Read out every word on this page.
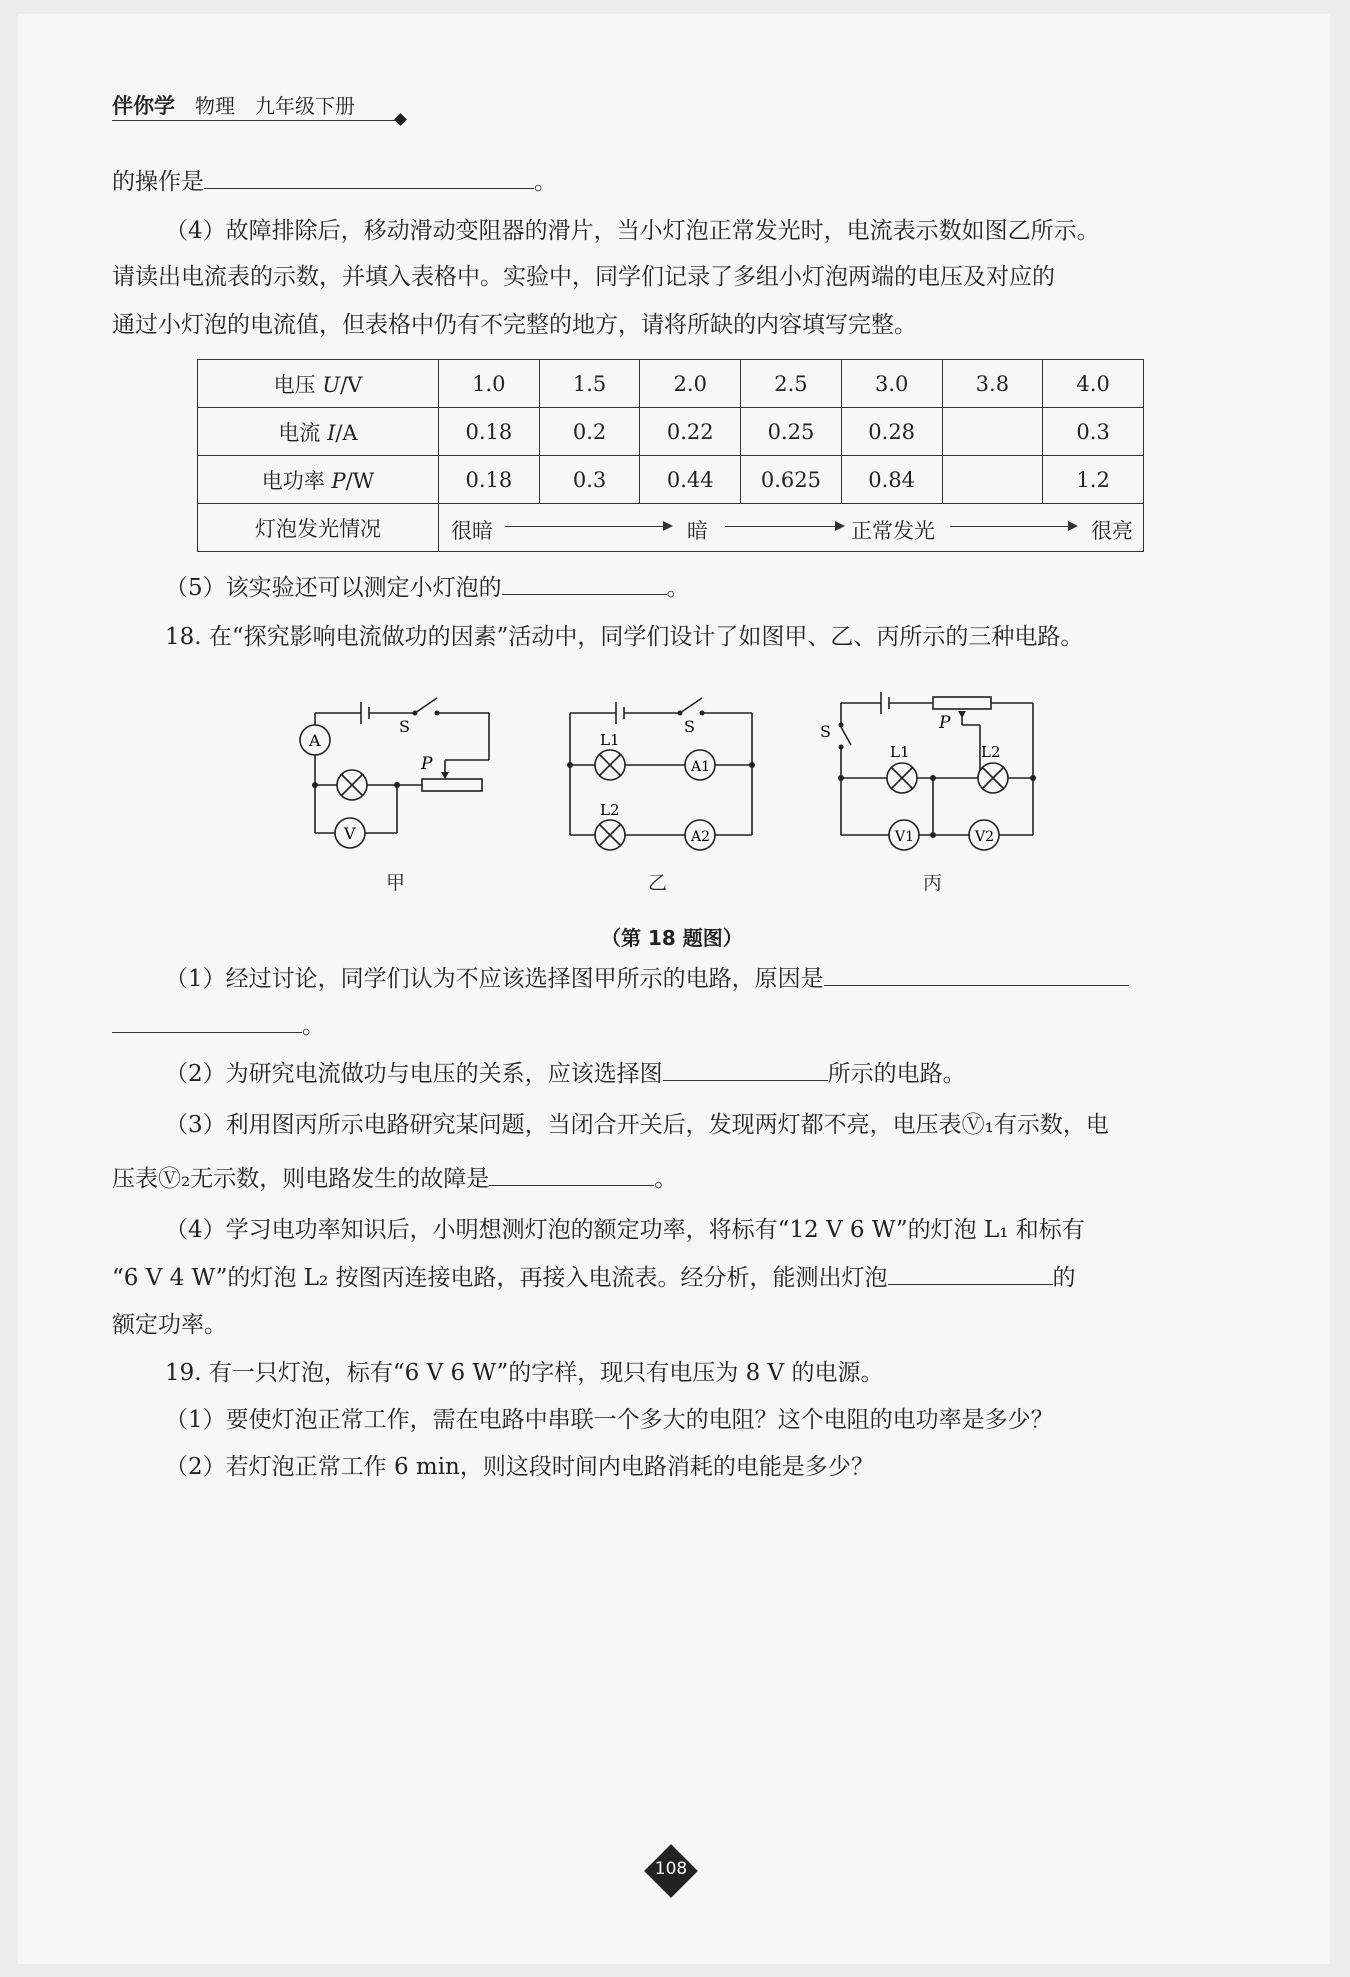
伴你学 物理 九年级下册
的操作是	。
（4）故障排除后，移动滑动变阻器的滑片，当小灯泡正常发光时，电流表示数如图乙所示。
请读出电流表的示数，并填入表格中。实验中，同学们记录了多组小灯泡两端的电压及对应的
通过小灯泡的电流值，但表格中仍有不完整的地方，请将所缺的内容填写完整。
电压 U/V	1.0	1.5	2.0	2.5	3.0	3.8	4.0
电流 I/A	0.18	0.2	0.22	0.25	0.28		0.3
电功率 P/W	0.18	0.3	0.44	0.625	0.84		1.2
灯泡发光情况	很暗 暗 正常发光 很亮						
（5）该实验还可以测定小灯泡的	。
18. 在“探究影响电流做功的因素”活动中，同学们设计了如图甲、乙、丙所示的三种电路。
A
V
S
P
S
L1
L2
A1
A2
S	P
L1	L2
V1	V2
甲	乙	丙
（第 18 题图）
（1）经过讨论，同学们认为不应该选择图甲所示的电路，原因是
。
（2）为研究电流做功与电压的关系，应该选择图	所示的电路。
（3）利用图丙所示电路研究某问题，当闭合开关后，发现两灯都不亮，电压表Ⓥ₁有示数，电
压表Ⓥ₂无示数，则电路发生的故障是	。
（4）学习电功率知识后，小明想测灯泡的额定功率，将标有“12 V 6 W”的灯泡 L₁ 和标有
“6 V 4 W”的灯泡 L₂ 按图丙连接电路，再接入电流表。经分析，能测出灯泡	的
额定功率。
19. 有一只灯泡，标有“6 V 6 W”的字样，现只有电压为 8 V 的电源。
（1）要使灯泡正常工作，需在电路中串联一个多大的电阻？这个电阻的电功率是多少？
（2）若灯泡正常工作 6 min，则这段时间内电路消耗的电能是多少？
108
